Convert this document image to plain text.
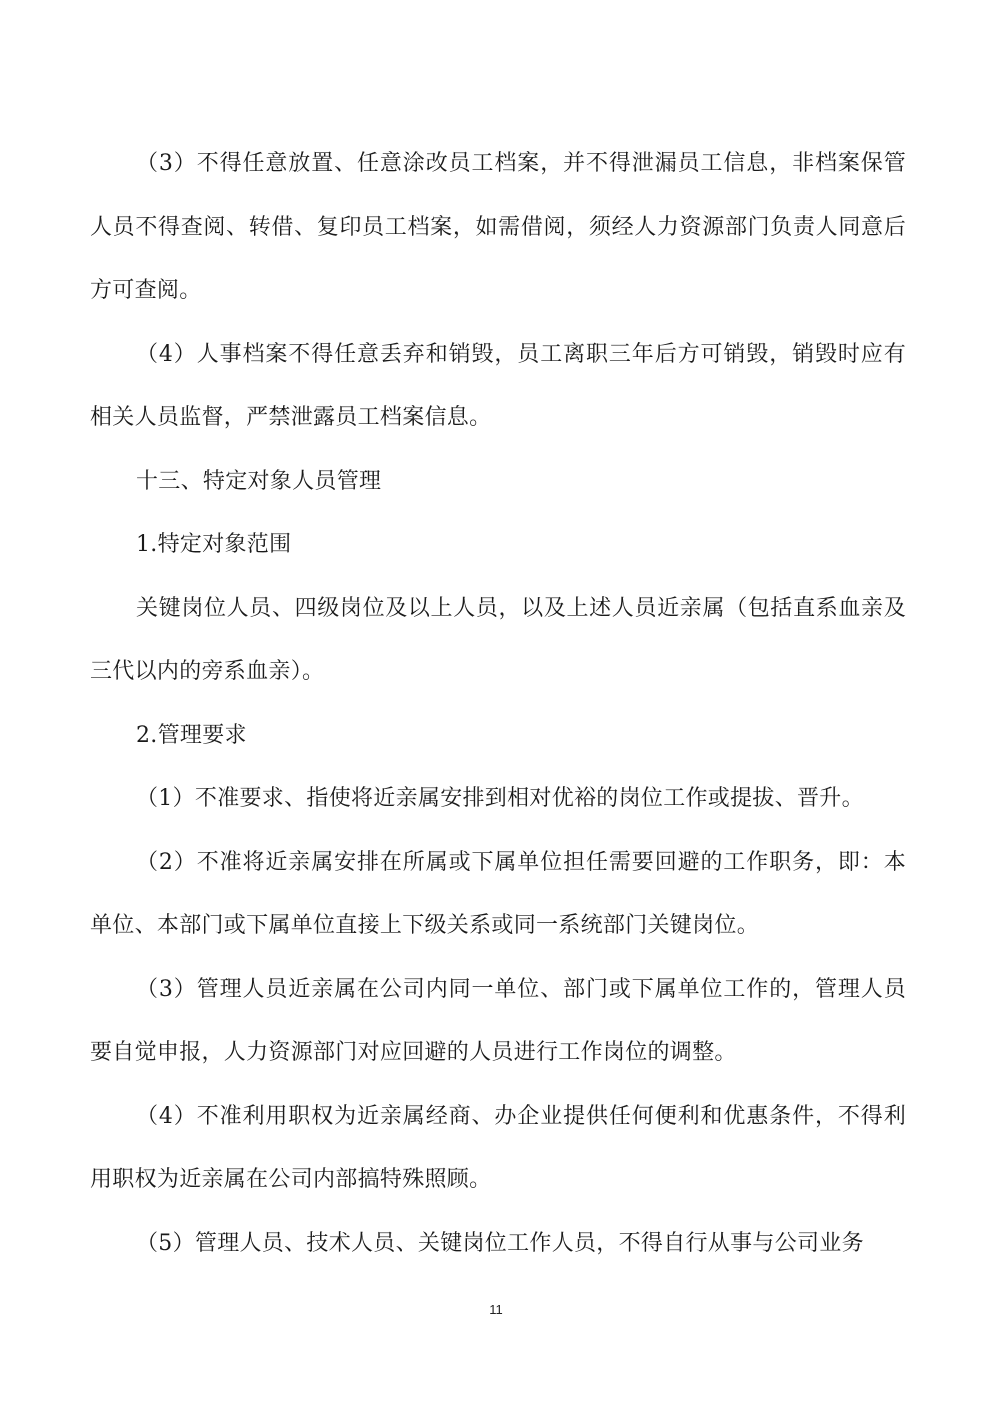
（3）不得任意放置、任意涂改员工档案，并不得泄漏员工信息，非档案保管人员不得查阅、转借、复印员工档案，如需借阅，须经人力资源部门负责人同意后方可查阅。

（4）人事档案不得任意丢弃和销毁，员工离职三年后方可销毁，销毁时应有相关人员监督，严禁泄露员工档案信息。

十三、特定对象人员管理

1.特定对象范围

关键岗位人员、四级岗位及以上人员，以及上述人员近亲属（包括直系血亲及三代以内的旁系血亲）。

2.管理要求

（1）不准要求、指使将近亲属安排到相对优裕的岗位工作或提拔、晋升。

（2）不准将近亲属安排在所属或下属单位担任需要回避的工作职务，即：本单位、本部门或下属单位直接上下级关系或同一系统部门关键岗位。

（3）管理人员近亲属在公司内同一单位、部门或下属单位工作的，管理人员要自觉申报，人力资源部门对应回避的人员进行工作岗位的调整。

（4）不准利用职权为近亲属经商、办企业提供任何便利和优惠条件，不得利用职权为近亲属在公司内部搞特殊照顾。

（5）管理人员、技术人员、关键岗位工作人员，不得自行从事与公司业务

11
